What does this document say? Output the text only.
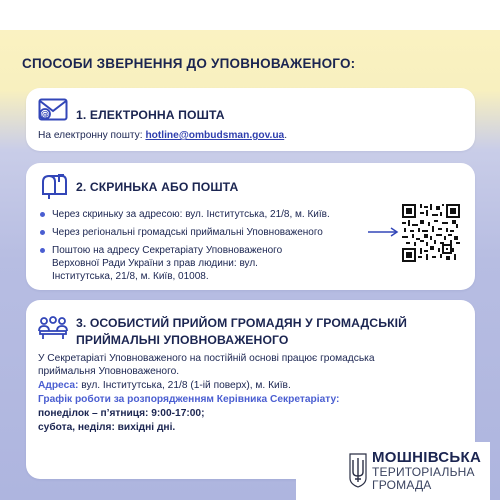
СПОСОБИ ЗВЕРНЕННЯ ДО УПОВНОВАЖЕНОГО:
@ 1. ЕЛЕКТРОННА ПОШТА
На електронну пошту: hotline@ombudsman.gov.ua.
2. СКРИНЬКА АБО ПОШТА
Через скриньку за адресою: вул. Інститутська, 21/8, м. Київ.
Через регіональні громадські приймальні Уповноваженого
Поштою на адресу Секретаріату Уповноваженого Верховної Ради України з прав людини: вул. Інститутська, 21/8, м. Київ, 01008.
3. ОСОБИСТИЙ ПРИЙОМ ГРОМАДЯН У ГРОМАДСЬКІЙ
ПРИЙМАЛЬНІ УПОВНОВАЖЕНОГО
У Секретаріаті Уповноваженого на постійній основі працює громадська
приймальня Уповноваженого.
Адреса: вул. Інститутська, 21/8 (1-ій поверх), м. Київ.
Графік роботи за розпорядженням Керівника Секретаріату:
понеділок – п’ятниця: 9:00-17:00;
субота, неділя: вихідні дні.
МОШНІВСЬКА
ТЕРИТОРІАЛЬНА
ГРОМАДА
